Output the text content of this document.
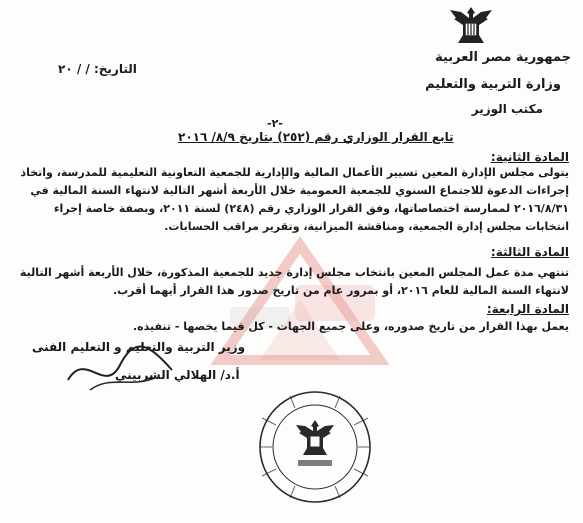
جمهورية مصر العربية
وزارة التربية والتعليم
مكتب الوزير
التاريخ: / / ٢٠
-٢-
تابع القرار الوزاري رقم (٢٥٢) بتاريخ ٨/٩/ ٢٠١٦
المادة الثانية:
يتولى مجلس الإدارة المعين تسيير الأعمال المالية والإدارية للجمعية التعاونية التعليمية للمدرسة، واتخاذ
إجراءات الدعوة للاجتماع السنوي للجمعية العمومية خلال الأربعة أشهر التالية لانتهاء السنة المالية في
٢٠١٦/٨/٣١ لممارسة اختصاصاتها، وفق القرار الوزاري رقم (٢٤٨) لسنة ٢٠١١، وبصفة خاصة إجراء
انتخابات مجلس إدارة الجمعية، ومناقشة الميزانية، وتقرير مراقب الحسابات.
المادة الثالثة:
تنتهي مدة عمل المجلس المعين بانتخاب مجلس إدارة جديد للجمعية المذكورة، خلال الأربعة أشهر التالية
لانتهاء السنة المالية للعام ٢٠١٦، أو بمرور عام من تاريخ صدور هذا القرار أيهما أقرب.
المادة الرابعة:
يعمل بهذا القرار من تاريخ صدوره، وعلى جميع الجهات - كل فيما يخصها - تنفيذه.
وزير التربية والتعليم و التعليم الفنى
أ.د/ الهلالي الشربيني
